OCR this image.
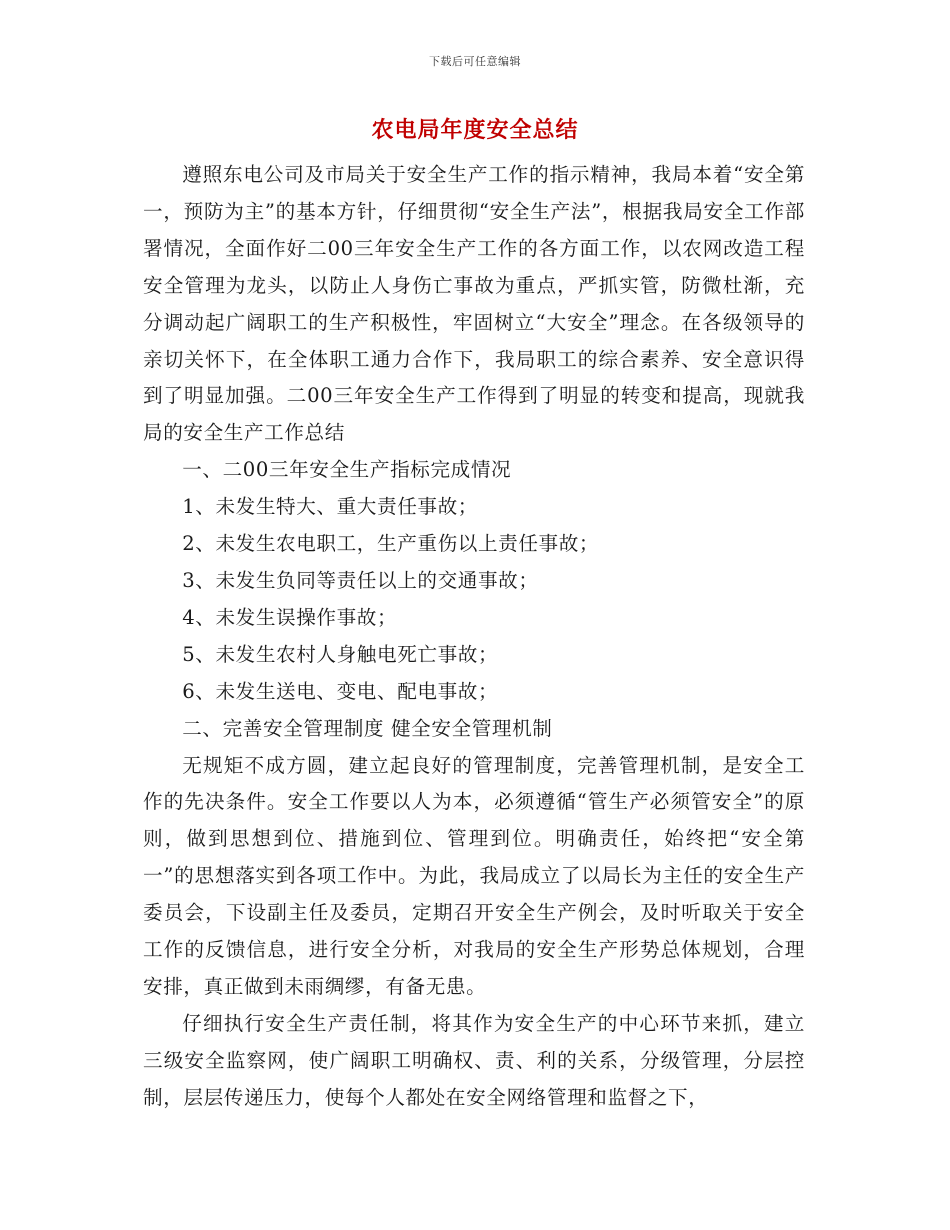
下载后可任意编辑
农电局年度安全总结

遵照东电公司及市局关于安全生产工作的指示精神，我局本着“安全第一，预防为主”的基本方针，仔细贯彻“安全生产法”，根据我局安全工作部署情况，全面作好二00三年安全生产工作的各方面工作，以农网改造工程安全管理为龙头，以防止人身伤亡事故为重点，严抓实管，防微杜渐，充分调动起广阔职工的生产积极性，牢固树立“大安全”理念。在各级领导的亲切关怀下，在全体职工通力合作下，我局职工的综合素养、安全意识得到了明显加强。二00三年安全生产工作得到了明显的转变和提高，现就我局的安全生产工作总结

一、二00三年安全生产指标完成情况

1、未发生特大、重大责任事故；

2、未发生农电职工，生产重伤以上责任事故；

3、未发生负同等责任以上的交通事故；

4、未发生误操作事故；

5、未发生农村人身触电死亡事故；

6、未发生送电、变电、配电事故；

二、完善安全管理制度 健全安全管理机制

无规矩不成方圆，建立起良好的管理制度，完善管理机制，是安全工作的先决条件。安全工作要以人为本，必须遵循“管生产必须管安全”的原则，做到思想到位、措施到位、管理到位。明确责任，始终把“安全第一”的思想落实到各项工作中。为此，我局成立了以局长为主任的安全生产委员会，下设副主任及委员，定期召开安全生产例会，及时听取关于安全工作的反馈信息，进行安全分析，对我局的安全生产形势总体规划，合理安排，真正做到未雨绸缪，有备无患。

仔细执行安全生产责任制，将其作为安全生产的中心环节来抓，建立三级安全监察网，使广阔职工明确权、责、利的关系，分级管理，分层控制，层层传递压力，使每个人都处在安全网络管理和监督之下，
